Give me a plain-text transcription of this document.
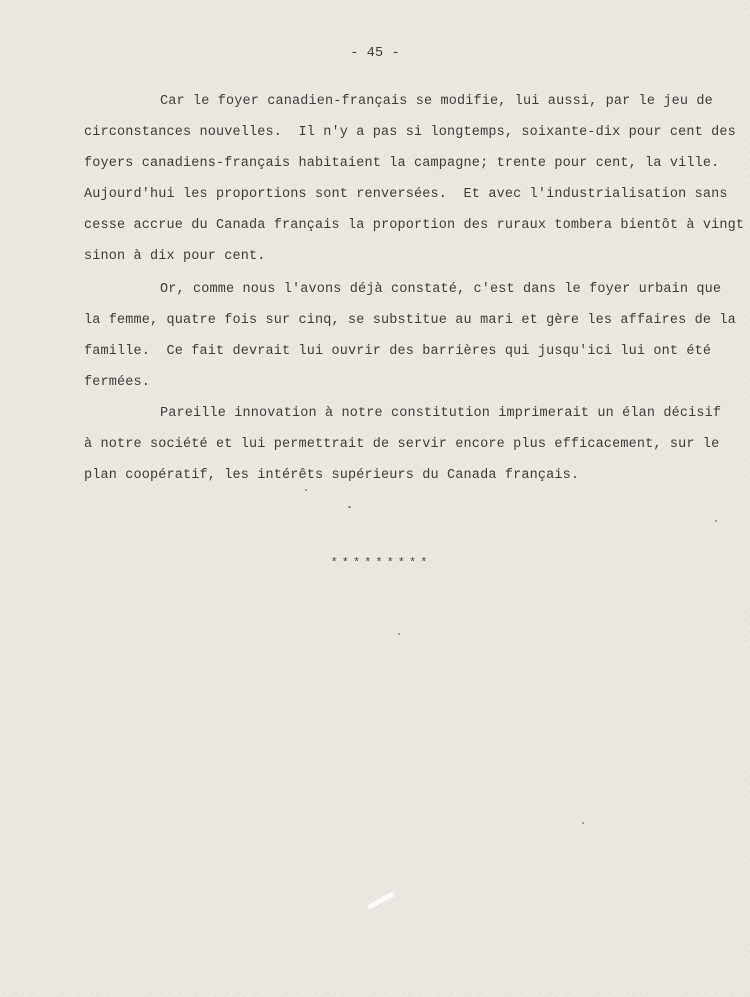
- 45 -
Car le foyer canadien-français se modifie, lui aussi, par le jeu de
circonstances nouvelles.  Il n'y a pas si longtemps, soixante-dix pour cent des
foyers canadiens-français habitaient la campagne; trente pour cent, la ville.
Aujourd'hui les proportions sont renversées.  Et avec l'industrialisation sans
cesse accrue du Canada français la proportion des ruraux tombera bientôt à vingt
sinon à dix pour cent.
Or, comme nous l'avons déjà constaté, c'est dans le foyer urbain que
la femme, quatre fois sur cinq, se substitue au mari et gère les affaires de la
famille.  Ce fait devrait lui ouvrir des barrières qui jusqu'ici lui ont été
fermées.
Pareille innovation à notre constitution imprimerait un élan décisif
à notre société et lui permettrait de servir encore plus efficacement, sur le
plan coopératif, les intérêts supérieurs du Canada français.
*********
